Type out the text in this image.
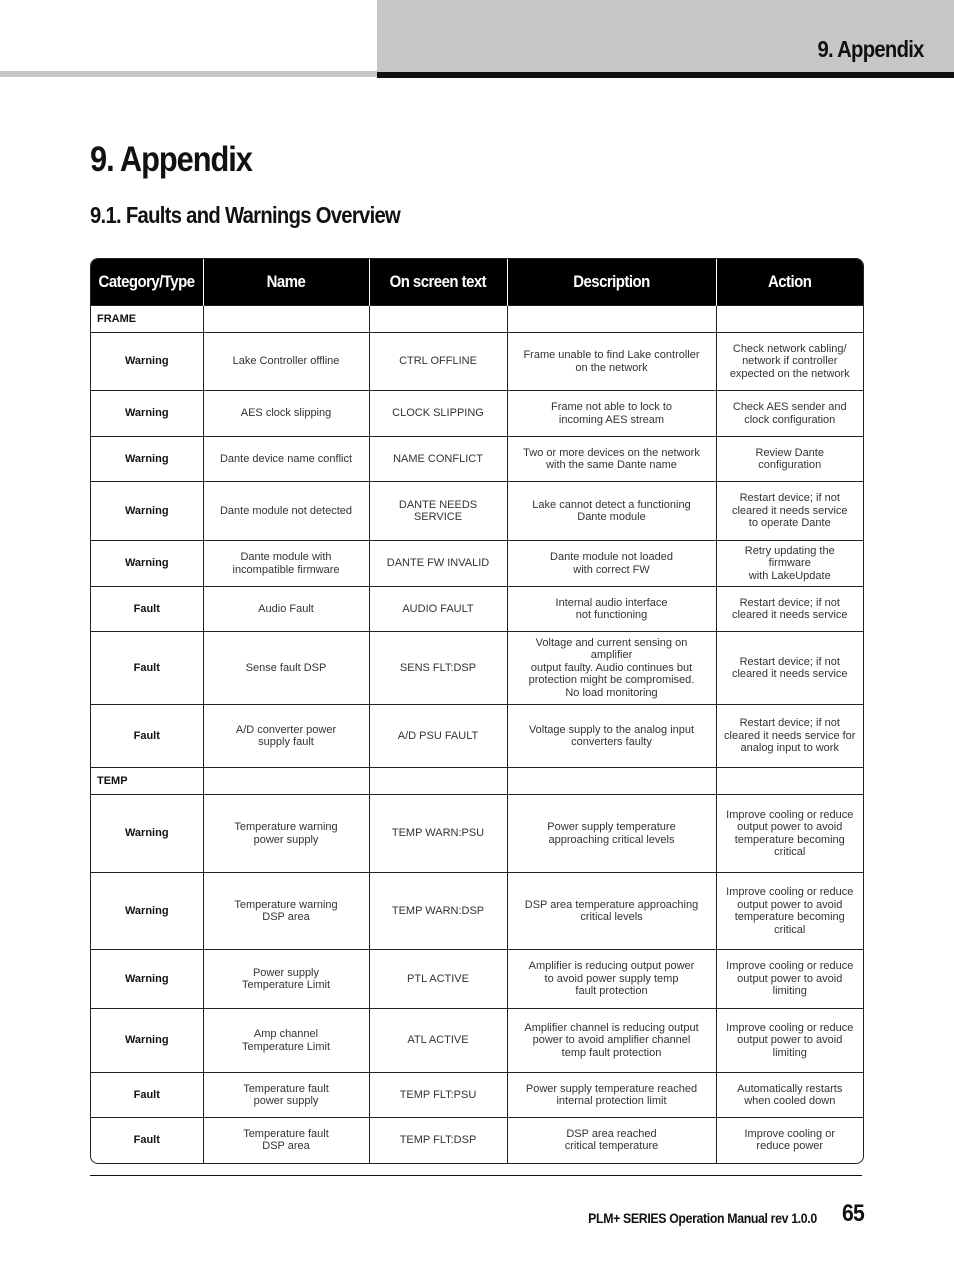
9. Appendix
9. Appendix
9.1. Faults and Warnings Overview
Category/Type	Name	On screen text	Description	Action
FRAME				
Warning	Lake Controller offline	CTRL OFFLINE	Frame unable to find Lake controller
on the network	Check network cabling/
network if controller
expected on the network
Warning	AES clock slipping	CLOCK SLIPPING	Frame not able to lock to
incoming AES stream	Check AES sender and
clock configuration
Warning	Dante device name conflict	NAME CONFLICT	Two or more devices on the network
with the same Dante name	Review Dante
configuration
Warning	Dante module not detected	DANTE NEEDS
SERVICE	Lake cannot detect a functioning
Dante module	Restart device; if not
cleared it needs service
to operate Dante
Warning	Dante module with
incompatible firmware	DANTE FW INVALID	Dante module not loaded
with correct FW	Retry updating the firmware
with LakeUpdate
Fault	Audio Fault	AUDIO FAULT	Internal audio interface
not functioning	Restart device; if not
cleared it needs service
Fault	Sense fault DSP	SENS FLT:DSP	Voltage and current sensing on amplifier
output faulty. Audio continues but
protection might be compromised.
No load monitoring	Restart device; if not
cleared it needs service
Fault	A/D converter power
supply fault	A/D PSU FAULT	Voltage supply to the analog input
converters faulty	Restart device; if not
cleared it needs service for
analog input to work
TEMP				
Warning	Temperature warning
power supply	TEMP WARN:PSU	Power supply temperature
approaching critical levels	Improve cooling or reduce
output power to avoid
temperature becoming
critical
Warning	Temperature warning
DSP area	TEMP WARN:DSP	DSP area temperature approaching
critical levels	Improve cooling or reduce
output power to avoid
temperature becoming
critical
Warning	Power supply
Temperature Limit	PTL ACTIVE	Amplifier is reducing output power
to avoid power supply temp
fault protection	Improve cooling or reduce
output power to avoid
limiting
Warning	Amp channel
Temperature Limit	ATL ACTIVE	Amplifier channel is reducing output
power to avoid amplifier channel
temp fault protection	Improve cooling or reduce
output power to avoid
limiting
Fault	Temperature fault
power supply	TEMP FLT:PSU	Power supply temperature reached
internal protection limit	Automatically restarts
when cooled down
Fault	Temperature fault
DSP area	TEMP FLT:DSP	DSP area reached
critical temperature	Improve cooling or
reduce power
PLM+ SERIES Operation Manual rev 1.0.0 65
